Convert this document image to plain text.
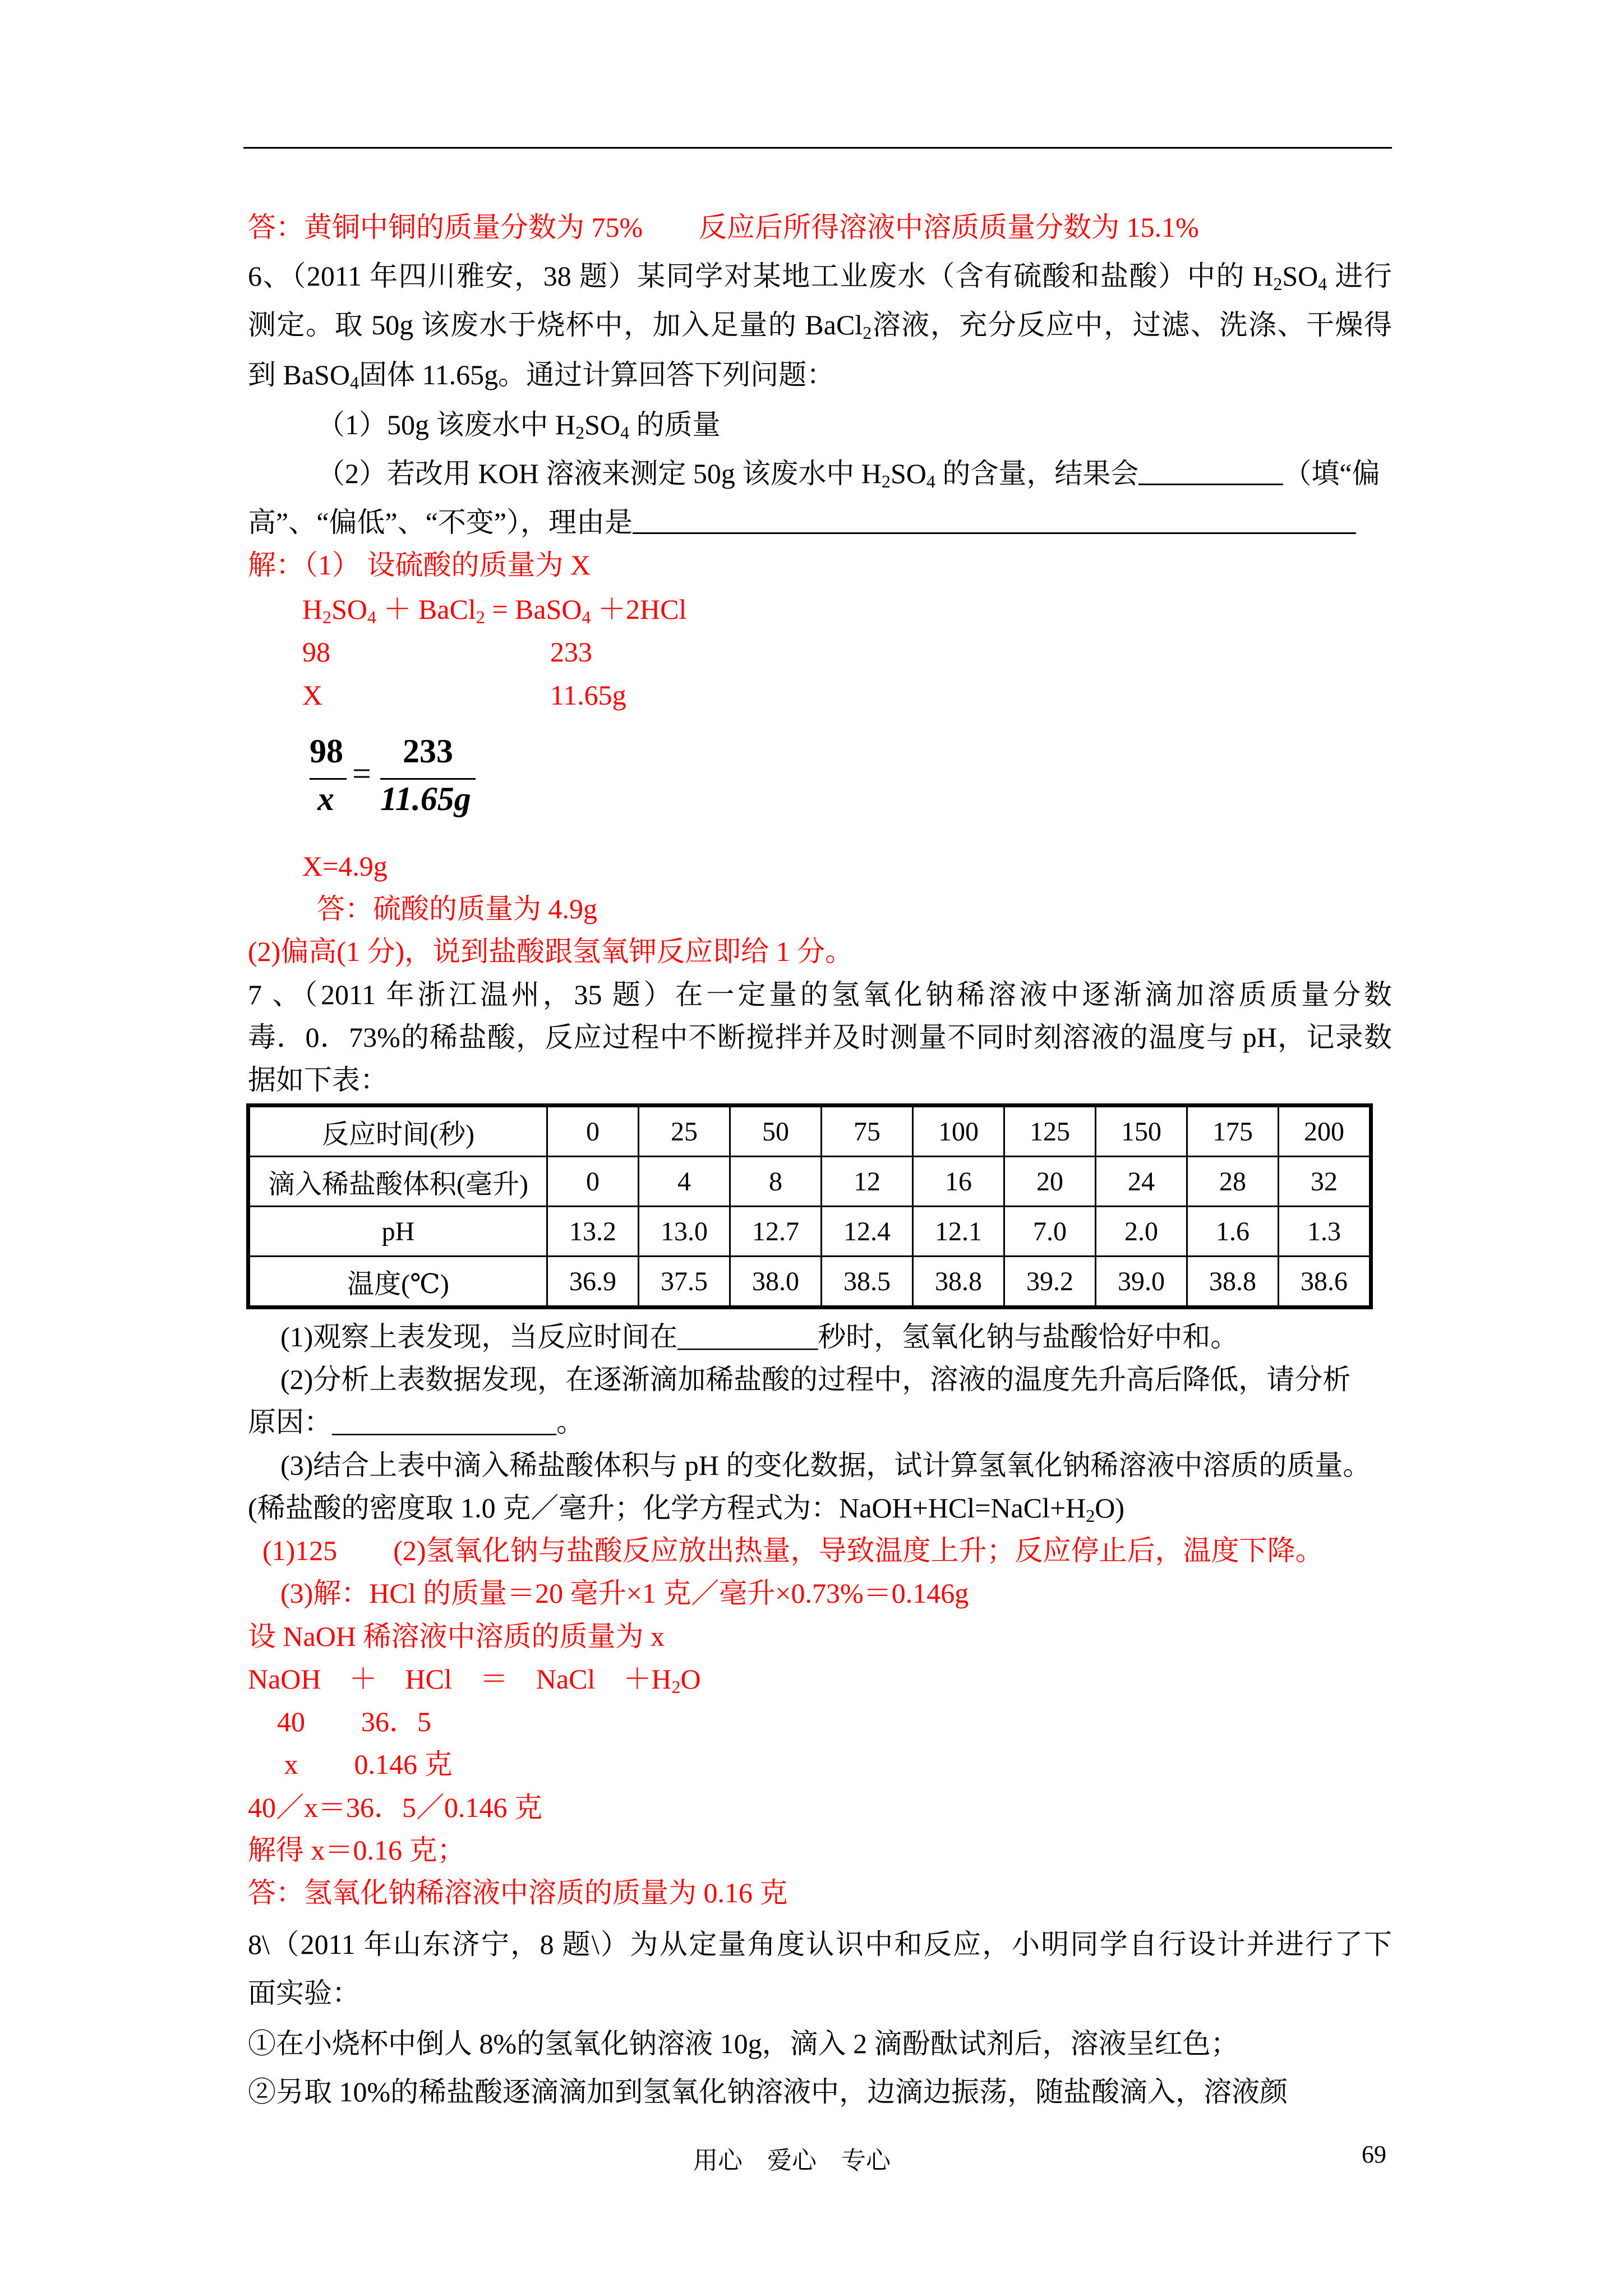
答：黄铜中铜的质量分数为 75%　　反应后所得溶液中溶质质量分数为 15.1%
6、（2011 年四川雅安，38 题）某同学对某地工业废水（含有硫酸和盐酸）中的 $H_2SO_4$ 进行
测定。取 50g 该废水于烧杯中，加入足量的 BaCl$_2$溶液，充分反应中，过滤、洗涤、干燥得
到 BaSO$_4$固体 11.65g。通过计算回答下列问题：
（1）50g 该废水中 $H_2SO_4$ 的质量
（2）若改用 KOH 溶液来测定 50g 该废水中 $H_2SO_4$ 的含量，结果会	（填“偏
高”、“偏低”、“不变”），理由是
解：（1） 设硫酸的质量为 X
$H_2SO_4$ ＋ BaCl$_2$ = BaSO$_4$ ＋2HCl
98	233
X	11.65g
X=4.9g
答：硫酸的质量为 4.9g
(2)偏高(1 分)，说到盐酸跟氢氧钾反应即给 1 分。
7 、（2011 年浙江温州，35 题）在一定量的氢氧化钠稀溶液中逐渐滴加溶质质量分数
毒．0．73%的稀盐酸，反应过程中不断搅拌并及时测量不同时刻溶液的温度与 pH，记录数
据如下表：
(1)观察上表发现，当反应时间在__________秒时，氢氧化钠与盐酸恰好中和。
(2)分析上表数据发现，在逐渐滴加稀盐酸的过程中，溶液的温度先升高后降低，请分析
原因：________________。
(3)结合上表中滴入稀盐酸体积与 pH 的变化数据，试计算氢氧化钠稀溶液中溶质的质量。
(稀盐酸的密度取 1.0 克／毫升；化学方程式为：$NaOH+HCl=NaCl+H_2O$)
(1)125　　(2)氢氧化钠与盐酸反应放出热量，导致温度上升；反应停止后，温度下降。
(3)解：HCl 的质量＝20 毫升×1 克／毫升×0.73%＝0.146g
设 NaOH 稀溶液中溶质的质量为 x
NaOH　＋　HCl　＝　NaCl　$+H_2O$
40　　36．5
x　　0.146 克
40／x＝36．5／0.146 克
解得 x＝0.16 克；
答：氢氧化钠稀溶液中溶质的质量为 0.16 克
8\（2011 年山东济宁，8 题\）为从定量角度认识中和反应，小明同学自行设计并进行了下
面实验：
①在小烧杯中倒人 8%的氢氧化钠溶液 10g，滴入 2 滴酚酞试剂后，溶液呈红色；
②另取 10%的稀盐酸逐滴滴加到氢氧化钠溶液中，边滴边振荡，随盐酸滴入，溶液颜
反应时间(秒)	0	25	50	75	100	125	150	175	200
滴入稀盐酸体积(毫升)	0	4	8	12	16	20	24	28	32
pH	13.2	13.0	12.7	12.4	12.1	7.0	2.0	1.6	1.3
温度(℃)	36.9	37.5	38.0	38.5	38.8	39.2	39.0	38.8	38.6
98
x
=
233
11.65g
用心　爱心　专心	69
